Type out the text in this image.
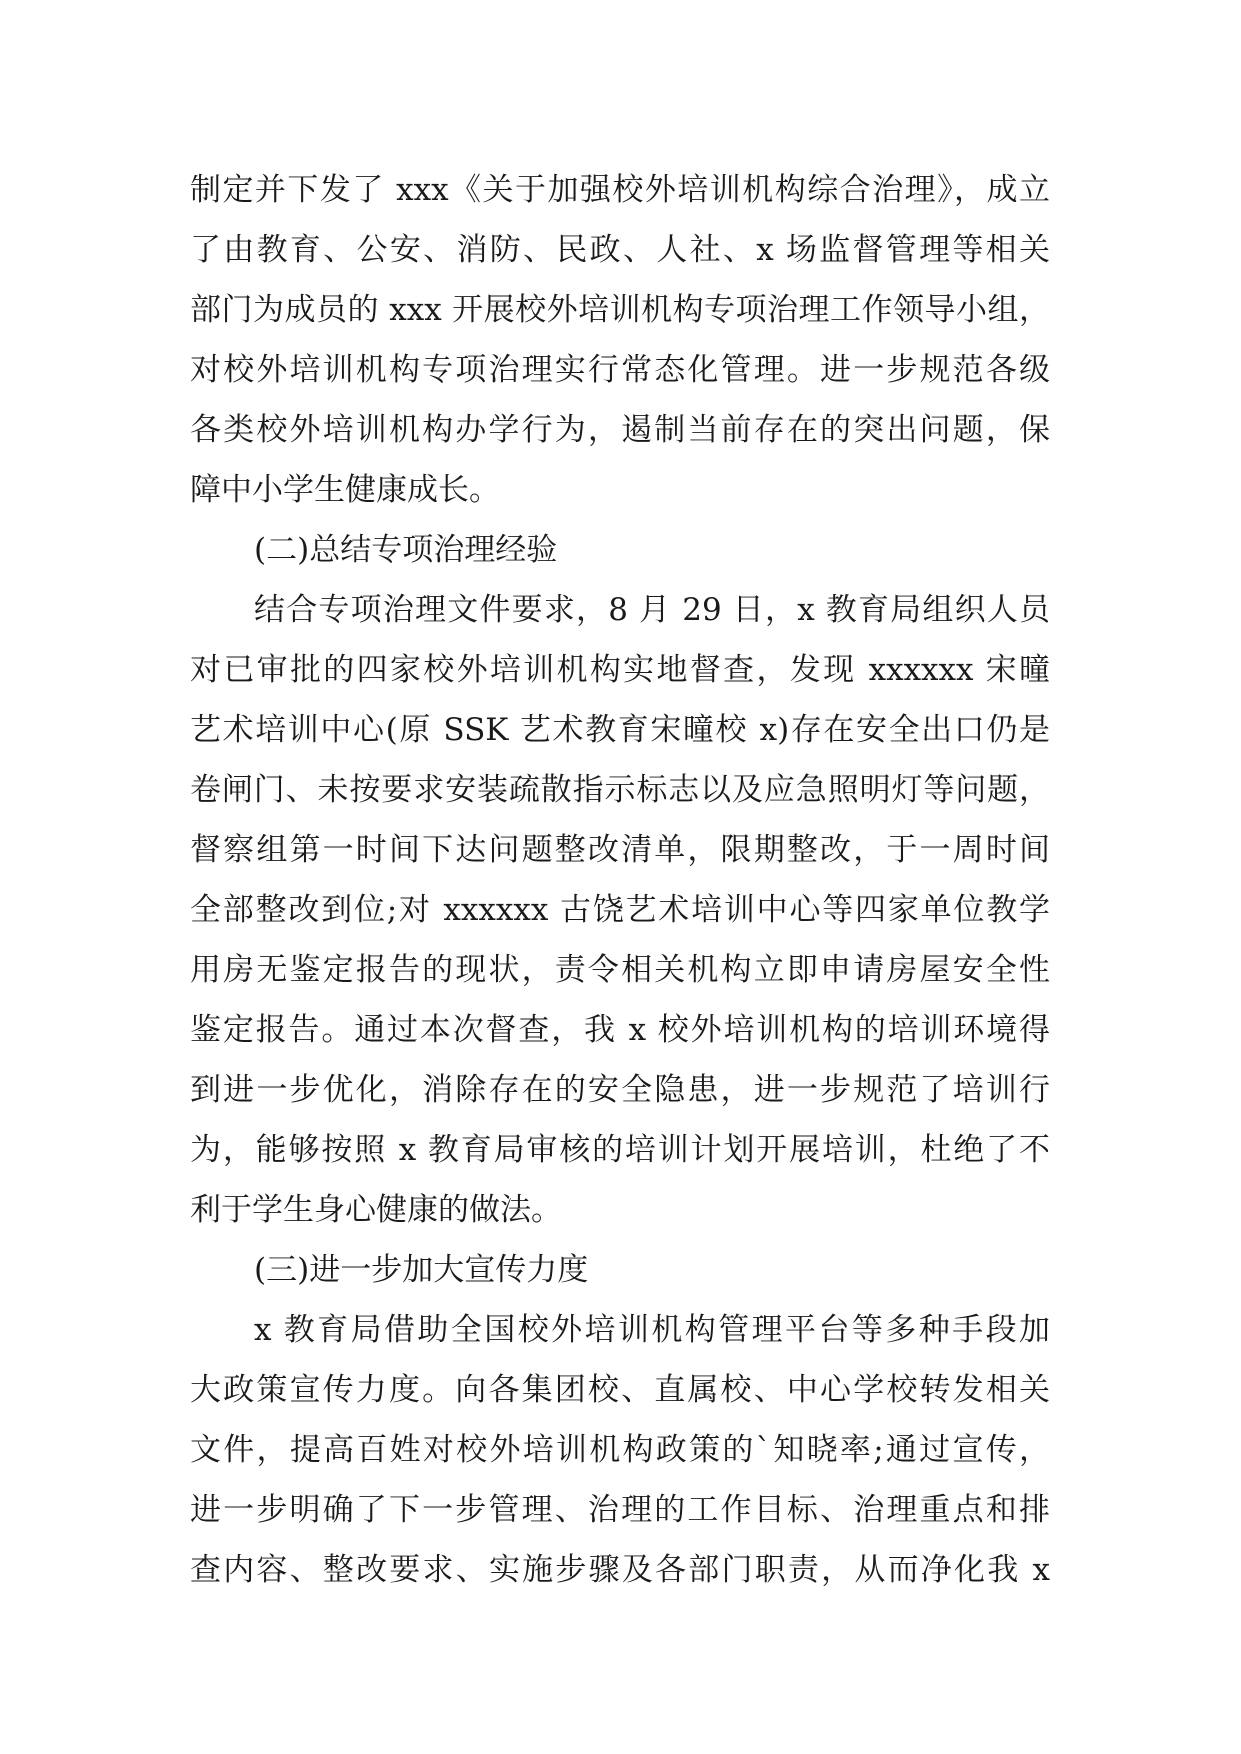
制定并下发了 xxx《关于加强校外培训机构综合治理》，成立
了由教育、公安、消防、民政、人社、x 场监督管理等相关
部门为成员的 xxx 开展校外培训机构专项治理工作领导小组，
对校外培训机构专项治理实行常态化管理。进一步规范各级
各类校外培训机构办学行为，遏制当前存在的突出问题，保
障中小学生健康成长。
(二)总结专项治理经验
结合专项治理文件要求，8 月 29 日，x 教育局组织人员
对已审批的四家校外培训机构实地督查，发现 xxxxxx 宋曈
艺术培训中心(原 SSK 艺术教育宋曈校 x)存在安全出口仍是
卷闸门、未按要求安装疏散指示标志以及应急照明灯等问题，
督察组第一时间下达问题整改清单，限期整改，于一周时间
全部整改到位;对 xxxxxx 古饶艺术培训中心等四家单位教学
用房无鉴定报告的现状，责令相关机构立即申请房屋安全性
鉴定报告。通过本次督查，我 x 校外培训机构的培训环境得
到进一步优化，消除存在的安全隐患，进一步规范了培训行
为，能够按照 x 教育局审核的培训计划开展培训，杜绝了不
利于学生身心健康的做法。
(三)进一步加大宣传力度
x 教育局借助全国校外培训机构管理平台等多种手段加
大政策宣传力度。向各集团校、直属校、中心学校转发相关
文件，提高百姓对校外培训机构政策的`知晓率;通过宣传，
进一步明确了下一步管理、治理的工作目标、治理重点和排
查内容、整改要求、实施步骤及各部门职责，从而净化我 x
